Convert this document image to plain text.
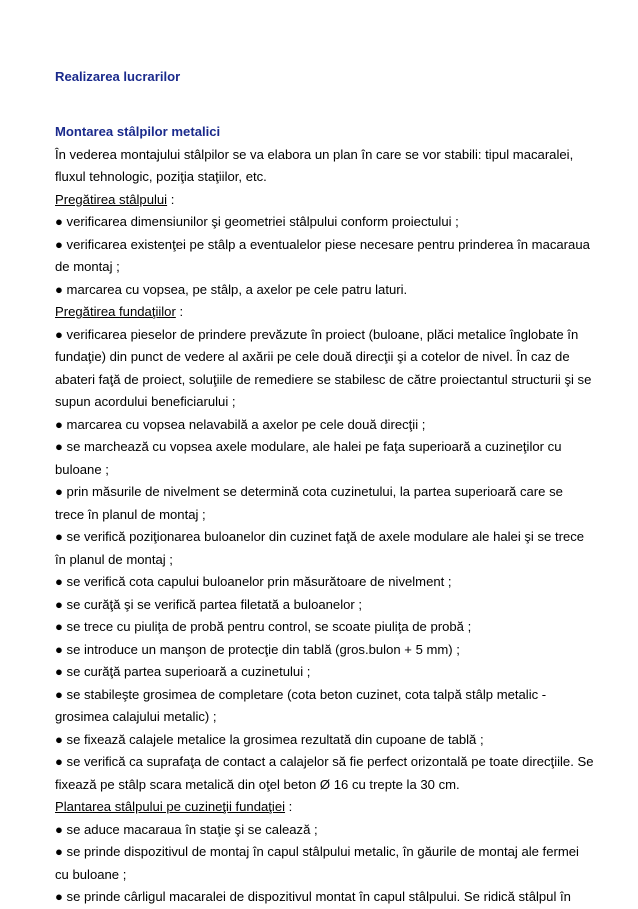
Realizarea lucrarilor
Montarea stâlpilor metalici
În vederea montajului stâlpilor se va elabora un plan în care se vor stabili: tipul macaralei,
fluxul tehnologic, poziţia staţiilor, etc.
Pregătirea stâlpului :
● verificarea dimensiunilor şi geometriei stâlpului conform proiectului ;
● verificarea existenţei pe stâlp a eventualelor piese necesare pentru prinderea în macaraua
de montaj ;
● marcarea cu vopsea, pe stâlp, a axelor pe cele patru laturi.
Pregătirea fundaţiilor :
● verificarea pieselor de prindere prevăzute în proiect (buloane, plăci metalice înglobate în
fundaţie) din punct de vedere al axării pe cele două direcţii şi a cotelor de nivel. În caz de
abateri faţă de proiect, soluţiile de remediere se stabilesc de către proiectantul structurii şi se
supun acordului beneficiarului ;
● marcarea cu vopsea nelavabilă a axelor pe cele două direcţii ;
● se marchează cu vopsea axele modulare, ale halei pe faţa superioară a cuzineţilor cu
buloane ;
● prin măsurile de nivelment se determină cota cuzinetului, la partea superioară care se
trece în planul de montaj ;
● se verifică poziţionarea buloanelor din cuzinet faţă de axele modulare ale halei şi se trece
în planul de montaj ;
● se verifică cota capului buloanelor prin măsurătoare de nivelment ;
● se curăţă şi se verifică partea filetată a buloanelor ;
● se trece cu piuliţa de probă pentru control, se scoate piuliţa de probă ;
● se introduce un manşon de protecţie din tablă (gros.bulon + 5 mm) ;
● se curăţă partea superioară a cuzinetului ;
● se stabileşte grosimea de completare (cota beton cuzinet, cota talpă stâlp metalic -
grosimea calajului metalic) ;
● se fixează calajele metalice la grosimea rezultată din cupoane de tablă ;
● se verifică ca suprafaţa de contact a calajelor să fie perfect orizontală pe toate direcţiile. Se
fixează pe stâlp scara metalică din oţel beton Ø 16 cu trepte la 30 cm.
Plantarea stâlpului pe cuzineţii fundaţiei :
● se aduce macaraua în staţie şi se calează ;
● se prinde dispozitivul de montaj în capul stâlpului metalic, în găurile de montaj ale fermei
cu buloane ;
● se prinde cârligul macaralei de dispozitivul montat în capul stâlpului. Se ridică stâlpul în
